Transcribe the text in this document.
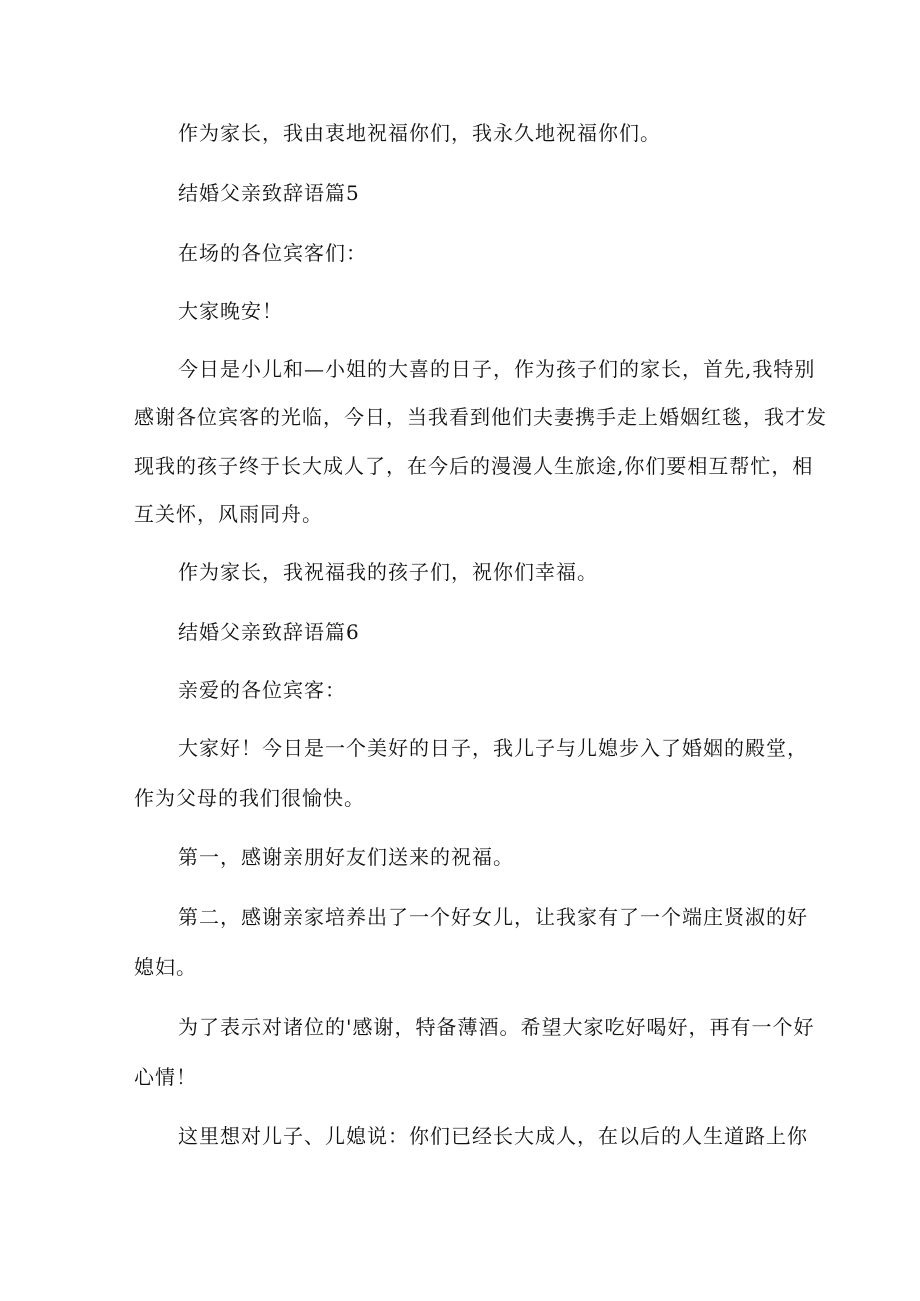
作为家长，我由衷地祝福你们，我永久地祝福你们。
结婚父亲致辞语篇5
在场的各位宾客们：
大家晚安！
今日是小儿和—小姐的大喜的日子，作为孩子们的家长，首先,我特别
感谢各位宾客的光临，今日，当我看到他们夫妻携手走上婚姻红毯，我才发
现我的孩子终于长大成人了，在今后的漫漫人生旅途,你们要相互帮忙，相
互关怀，风雨同舟。
作为家长，我祝福我的孩子们，祝你们幸福。
结婚父亲致辞语篇6
亲爱的各位宾客：
大家好！今日是一个美好的日子，我儿子与儿媳步入了婚姻的殿堂，
作为父母的我们很愉快。
第一，感谢亲朋好友们送来的祝福。
第二，感谢亲家培养出了一个好女儿，让我家有了一个端庄贤淑的好
媳妇。
为了表示对诸位的'感谢，特备薄酒。希望大家吃好喝好，再有一个好
心情！
这里想对儿子、儿媳说：你们已经长大成人，在以后的人生道路上你
